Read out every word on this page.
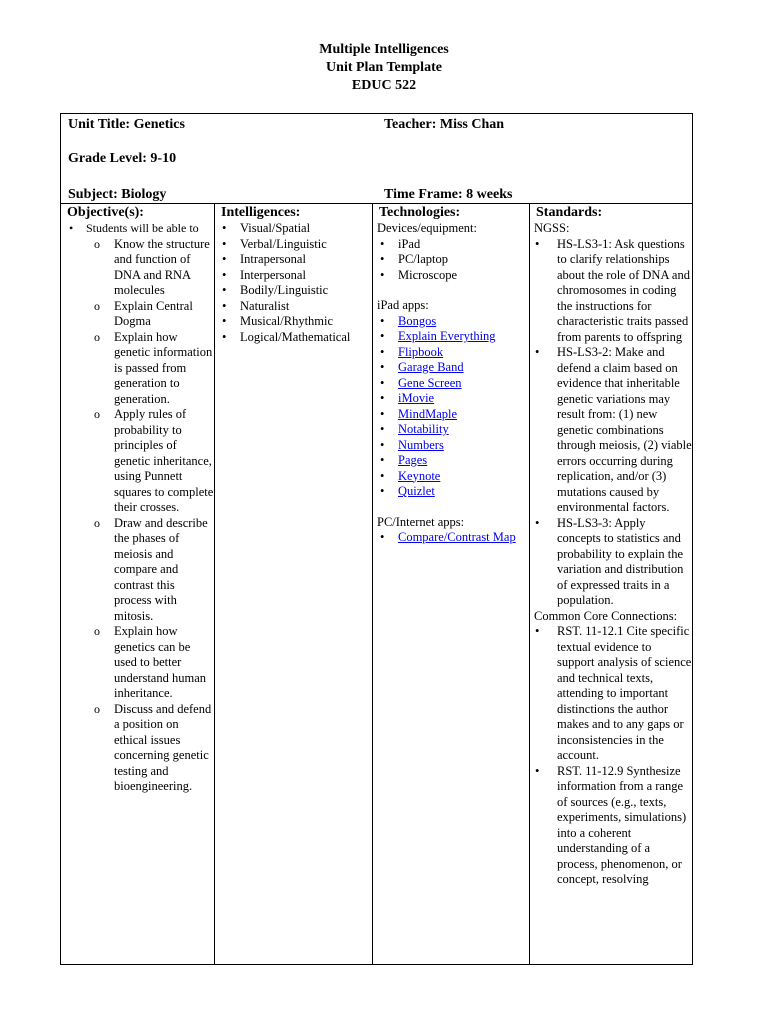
Multiple Intelligences
Unit Plan Template
EDUC 522
Unit Title: Genetics	Teacher: Miss Chan
Grade Level: 9-10
Subject: Biology	Time Frame: 8 weeks
Objective(s):
• Students will be able to
o Know the structure and function of DNA and RNA molecules
o Explain Central Dogma
o Explain how genetic information is passed from generation to generation.
o Apply rules of probability to principles of genetic inheritance, using Punnett squares to complete their crosses.
o Draw and describe the phases of meiosis and compare and contrast this process with mitosis.
o Explain how genetics can be used to better understand human inheritance.
o Discuss and defend a position on ethical issues concerning genetic testing and bioengineering.
Intelligences:
• Visual/Spatial
• Verbal/Linguistic
• Intrapersonal
• Interpersonal
• Bodily/Linguistic
• Naturalist
• Musical/Rhythmic
• Logical/Mathematical
Technologies:
Devices/equipment:
• iPad
• PC/laptop
• Microscope
iPad apps:
• Bongos
• Explain Everything
• Flipbook
• Garage Band
• Gene Screen
• iMovie
• MindMaple
• Notability
• Numbers
• Pages
• Keynote
• Quizlet
PC/Internet apps:
• Compare/Contrast Map
Standards:
NGSS:
• HS-LS3-1: Ask questions to clarify relationships about the role of DNA and chromosomes in coding the instructions for characteristic traits passed from parents to offspring
• HS-LS3-2: Make and defend a claim based on evidence that inheritable genetic variations may result from: (1) new genetic combinations through meiosis, (2) viable errors occurring during replication, and/or (3) mutations caused by environmental factors.
• HS-LS3-3: Apply concepts to statistics and probability to explain the variation and distribution of expressed traits in a population.
Common Core Connections:
• RST. 11-12.1 Cite specific textual evidence to support analysis of science and technical texts, attending to important distinctions the author makes and to any gaps or inconsistencies in the account.
• RST. 11-12.9 Synthesize information from a range of sources (e.g., texts, experiments, simulations) into a coherent understanding of a process, phenomenon, or concept, resolving
